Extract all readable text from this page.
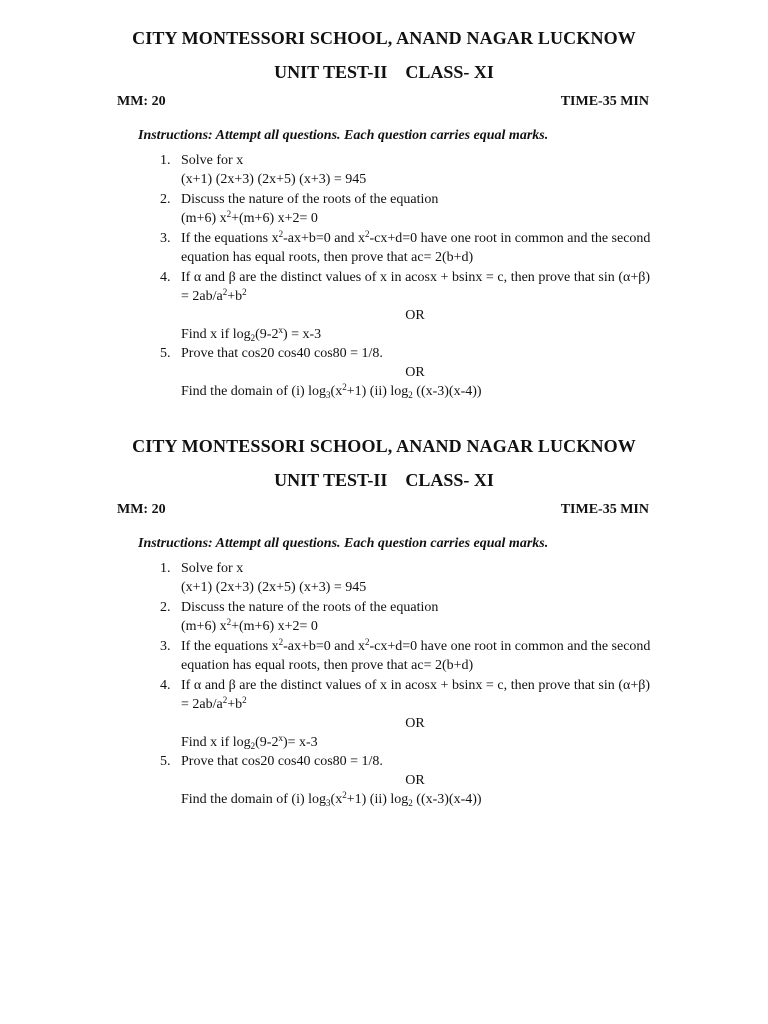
CITY MONTESSORI SCHOOL, ANAND NAGAR LUCKNOW
UNIT TEST-II    CLASS- XI
MM: 20	TIME-35 MIN
Instructions: Attempt all questions. Each question carries equal marks.
1. Solve for x
(x+1) (2x+3) (2x+5) (x+3) = 945
2. Discuss the nature of the roots of the equation
(m+6) $x^2+(m+6)$ x+2= 0
3. If the equations $x^2-ax+b=0$ and $x^2-cx+d=0$ have one root in common and the second
equation has equal roots, then prove that ac= 2(b+d)
4. If α and β are the distinct values of x in acosx + bsinx = c, then prove that sin (α+β)
= $2ab/a^2+b^2$
OR
Find x if $\log_2(9-2^x) = x-3$
5. Prove that cos20 cos40 cos80 = 1/8.
OR
Find the domain of (i) $\log_3(x^2+1)$ (ii) $\log_2 ((x-3)(x-4))$
CITY MONTESSORI SCHOOL, ANAND NAGAR LUCKNOW
UNIT TEST-II    CLASS- XI
MM: 20	TIME-35 MIN
Instructions: Attempt all questions. Each question carries equal marks.
1. Solve for x
(x+1) (2x+3) (2x+5) (x+3) = 945
2. Discuss the nature of the roots of the equation
(m+6) $x^2+(m+6)$ x+2= 0
3. If the equations $x^2-ax+b=0$ and $x^2-cx+d=0$ have one root in common and the second
equation has equal roots, then prove that ac= 2(b+d)
4. If α and β are the distinct values of x in acosx + bsinx = c, then prove that sin (α+β)
= $2ab/a^2+b^2$
OR
Find x if $\log_2(9-2^x)= x-3$
5. Prove that cos20 cos40 cos80 = 1/8.
OR
Find the domain of (i) $\log_3(x^2+1)$ (ii) $\log_2 ((x-3)(x-4))$
